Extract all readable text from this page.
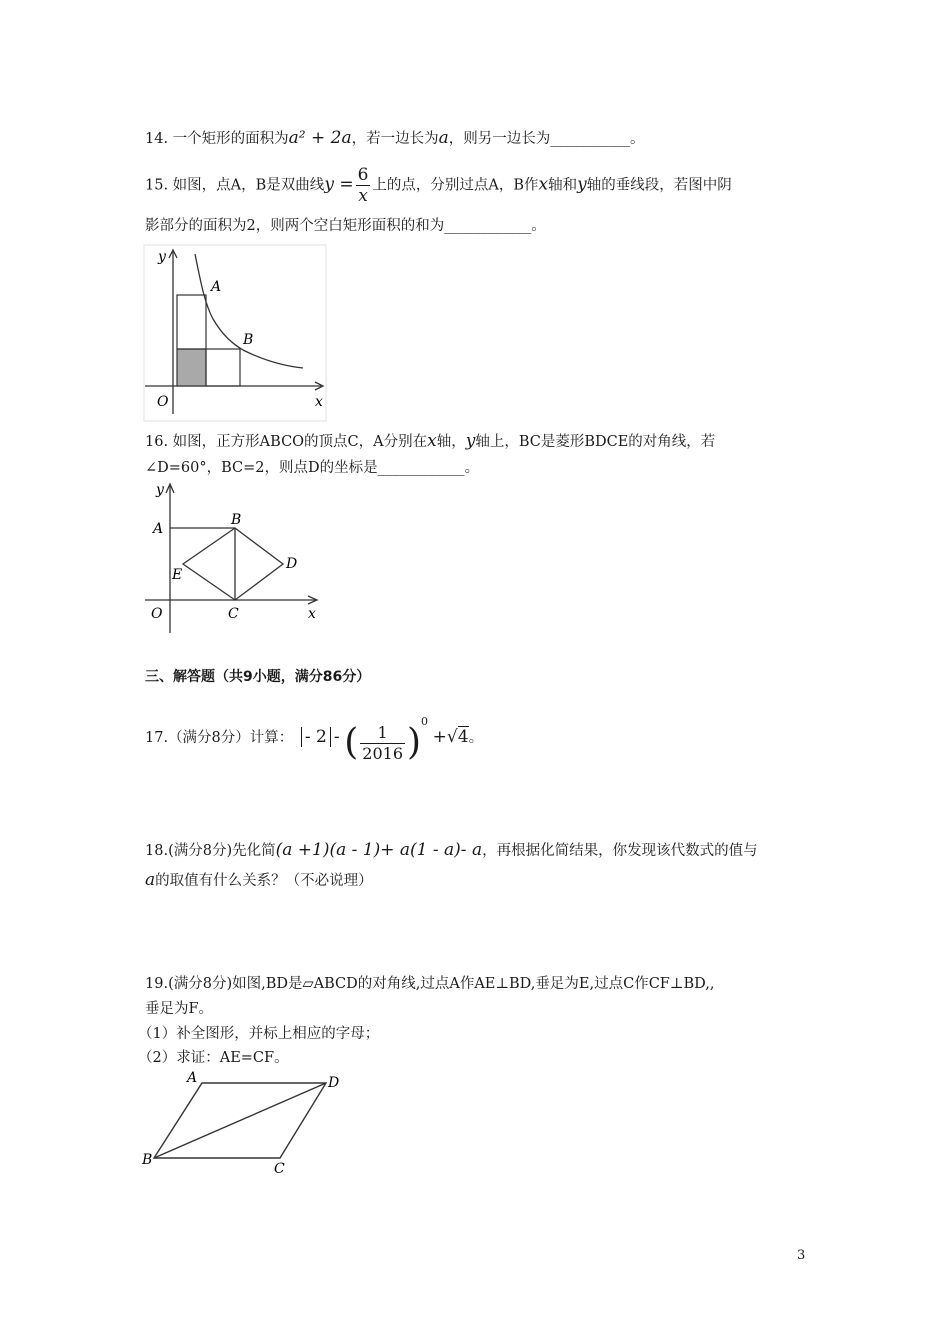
14. 一个矩形的面积为a² + 2a，若一边长为a，则另一边长为___________。
15. 如图，点A，B是双曲线$y = \frac{6}{x}$ 上的点，分别过点A，B作x轴和y轴的垂线段，若图中阴
影部分的面积为2，则两个空白矩形面积的和为____________。
y
x
O
A
B
16. 如图，正方形ABCO的顶点C，A分别在x轴，y轴上，BC是菱形BDCE的对角线，若
∠D=60°，BC=2，则点D的坐标是____________。
y
x
O
A
B
C
D
E
三、解答题（共9小题，满分86分）
17.（满分8分）计算： - 2 - ( $\frac{1}{2016} )^0 +√4$。
18.(满分8分)先化简(a +1)(a - 1)+ a(1 - a)- a，再根据化简结果，你发现该代数式的值与
a的取值有什么关系？（不必说理）
19.(满分8分)如图,BD是▱ABCD的对角线,过点A作AE⊥BD,垂足为E,过点C作CF⊥BD,,
垂足为F。
（1）补全图形，并标上相应的字母；
（2）求证：AE=CF。
A	D
B
C
3
